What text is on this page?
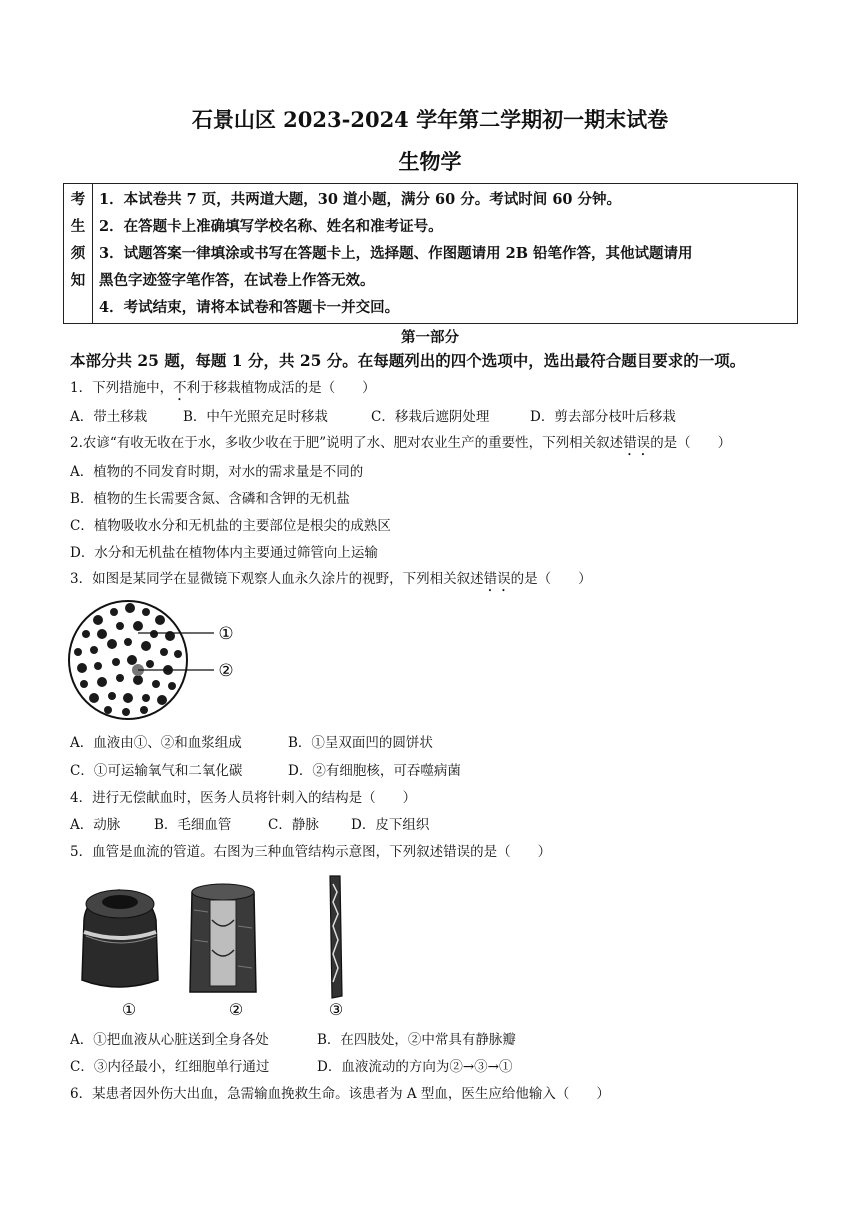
石景山区 2023-2024 学年第二学期初一期末试卷
生物学
考
生
须
知

1．本试卷共 7 页，共两道大题，30 道小题，满分 60 分。考试时间 60 分钟。
2．在答题卡上准确填写学校名称、姓名和准考证号。
3．试题答案一律填涂或书写在答题卡上，选择题、作图题请用 2B 铅笔作答，其他试题请用
黑色字迹签字笔作答，在试卷上作答无效。
4．考试结束，请将本试卷和答题卡一并交回。
第一部分
本部分共 25 题，每题 1 分，共 25 分。在每题列出的四个选项中，选出最符合题目要求的一项。
1．下列措施中，不利于移栽植物成活的是（　　）
A．带土移栽	B．中午光照充足时移栽	C．移栽后遮阴处理	D．剪去部分枝叶后移栽
2.农谚“有收无收在于水，多收少收在于肥”说明了水、肥对农业生产的重要性，下列相关叙述错误的是（　　）
A．植物的不同发育时期，对水的需求量是不同的
B．植物的生长需要含氮、含磷和含钾的无机盐
C．植物吸收水分和无机盐的主要部位是根尖的成熟区
D．水分和无机盐在植物体内主要通过筛管向上运输
3．如图是某同学在显微镜下观察人血永久涂片的视野，下列相关叙述错误的是（　　）
①
②
A．血液由①、②和血浆组成	B．①呈双面凹的圆饼状
C．①可运输氧气和二氧化碳	D．②有细胞核，可吞噬病菌
4．进行无偿献血时，医务人员将针刺入的结构是（　　）
A．动脉	B．毛细血管	C．静脉 D．皮下组织
5．血管是血流的管道。右图为三种血管结构示意图，下列叙述错误的是（　　）
①	②	③
A．①把血液从心脏送到全身各处	B．在四肢处，②中常具有静脉瓣
C．③内径最小，红细胞单行通过	D．血液流动的方向为②→③→①
6．某患者因外伤大出血，急需输血挽救生命。该患者为 A 型血，医生应给他输入（　　）
